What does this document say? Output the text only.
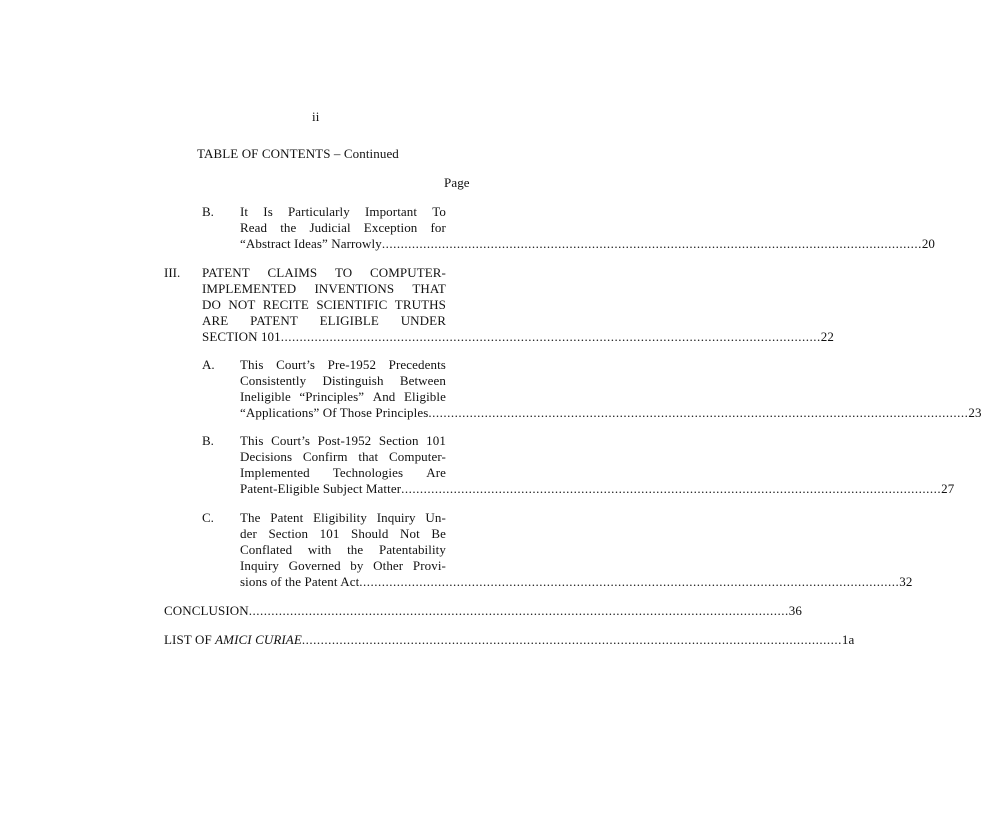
ii
TABLE OF CONTENTS – Continued
Page
B. It Is Particularly Important To
Read the Judicial Exception for
“Abstract Ideas” Narrowly ................................................................................................................................................ 20
III. PATENT CLAIMS TO COMPUTER-
IMPLEMENTED INVENTIONS THAT
DO NOT RECITE SCIENTIFIC TRUTHS
ARE PATENT ELIGIBLE UNDER
SECTION 101 ................................................................................................................................................ 22
A. This Court’s Pre-1952 Precedents
Consistently Distinguish Between
Ineligible “Principles” And Eligible
“Applications” Of Those Principles ................................................................................................................................................ 23
B. This Court’s Post-1952 Section 101
Decisions Confirm that Computer-
Implemented Technologies Are
Patent-Eligible Subject Matter ................................................................................................................................................ 27
C. The Patent Eligibility Inquiry Un-
der Section 101 Should Not Be
Conflated with the Patentability
Inquiry Governed by Other Provi-
sions of the Patent Act ................................................................................................................................................ 32
CONCLUSION ................................................................................................................................................ 36
LIST OF AMICI CURIAE ................................................................................................................................................ 1a
